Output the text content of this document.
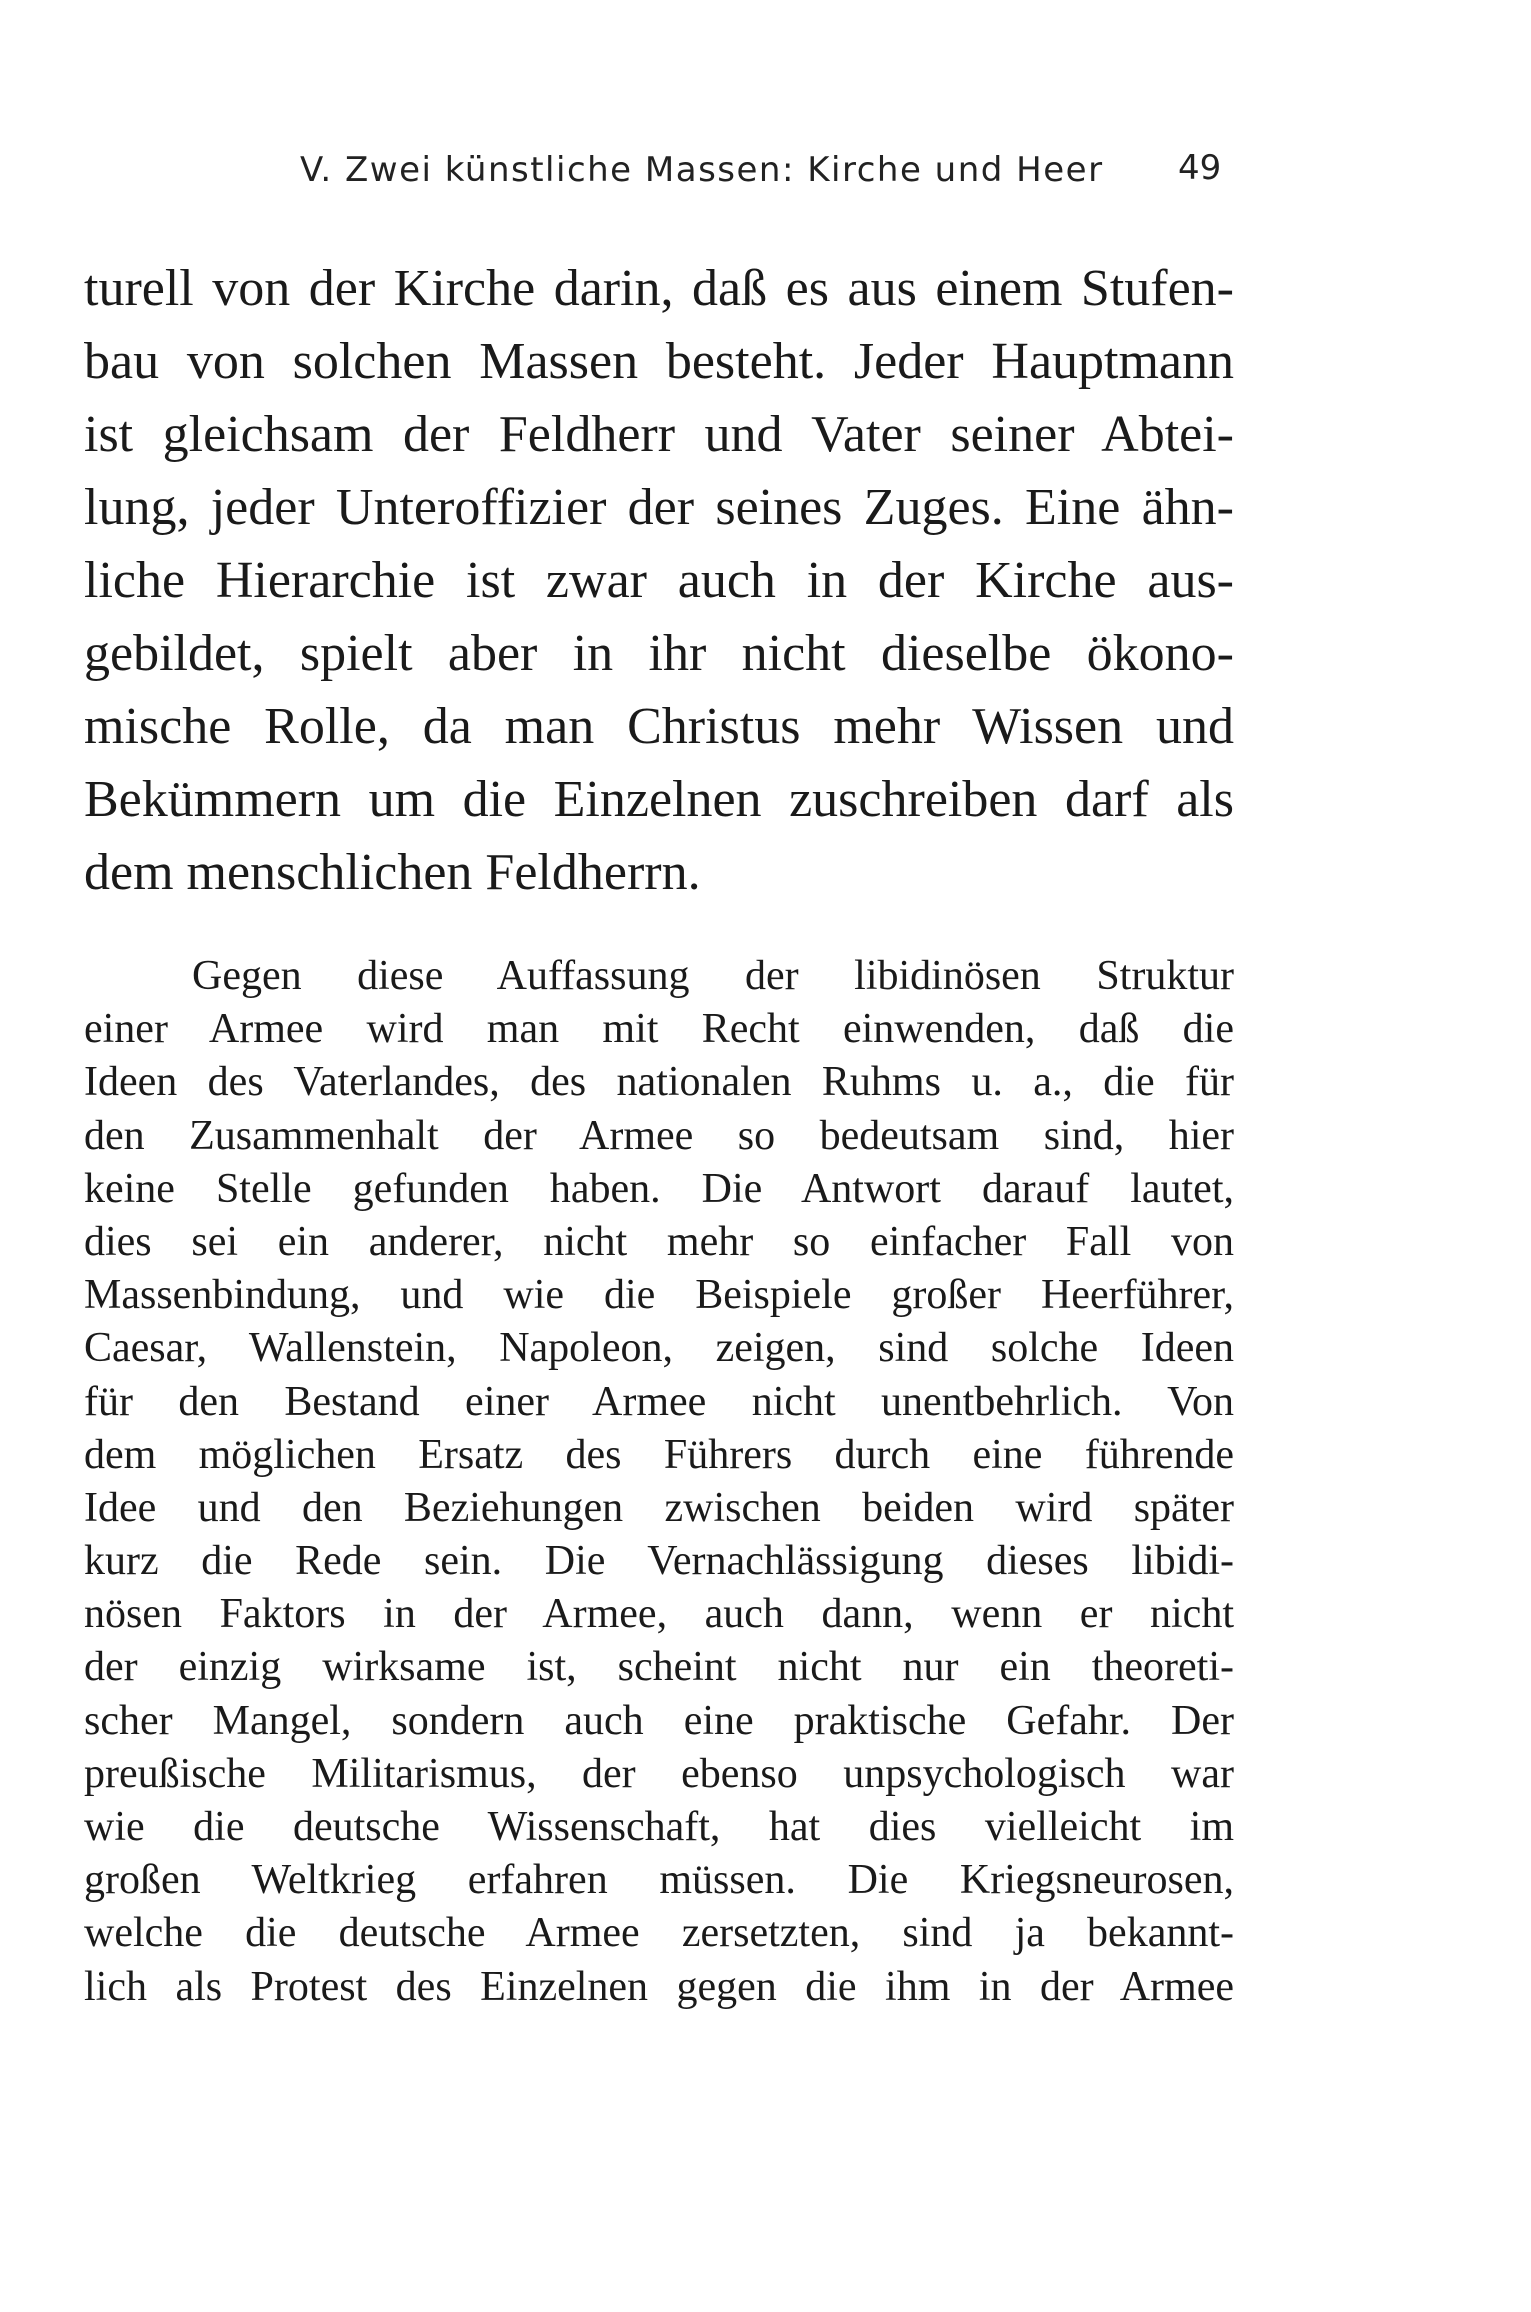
V. Zwei künstliche Massen: Kirche und Heer 49
turell von der Kirche darin, daß es aus einem Stufen-
bau von solchen Massen besteht. Jeder Hauptmann
ist gleichsam der Feldherr und Vater seiner Abtei-
lung, jeder Unteroffizier der seines Zuges. Eine ähn-
liche Hierarchie ist zwar auch in der Kirche aus-
gebildet, spielt aber in ihr nicht dieselbe ökono-
mische Rolle, da man Christus mehr Wissen und
Bekümmern um die Einzelnen zuschreiben darf als
dem menschlichen Feldherrn.
Gegen diese Auffassung der libidinösen Struktur
einer Armee wird man mit Recht einwenden, daß die
Ideen des Vaterlandes, des nationalen Ruhms u. a., die für
den Zusammenhalt der Armee so bedeutsam sind, hier
keine Stelle gefunden haben. Die Antwort darauf lautet,
dies sei ein anderer, nicht mehr so einfacher Fall von
Massenbindung, und wie die Beispiele großer Heerführer,
Caesar, Wallenstein, Napoleon, zeigen, sind solche Ideen
für den Bestand einer Armee nicht unentbehrlich. Von
dem möglichen Ersatz des Führers durch eine führende
Idee und den Beziehungen zwischen beiden wird später
kurz die Rede sein. Die Vernachlässigung dieses libidi-
nösen Faktors in der Armee, auch dann, wenn er nicht
der einzig wirksame ist, scheint nicht nur ein theoreti-
scher Mangel, sondern auch eine praktische Gefahr. Der
preußische Militarismus, der ebenso unpsychologisch war
wie die deutsche Wissenschaft, hat dies vielleicht im
großen Weltkrieg erfahren müssen. Die Kriegsneurosen,
welche die deutsche Armee zersetzten, sind ja bekannt-
lich als Protest des Einzelnen gegen die ihm in der Armee
